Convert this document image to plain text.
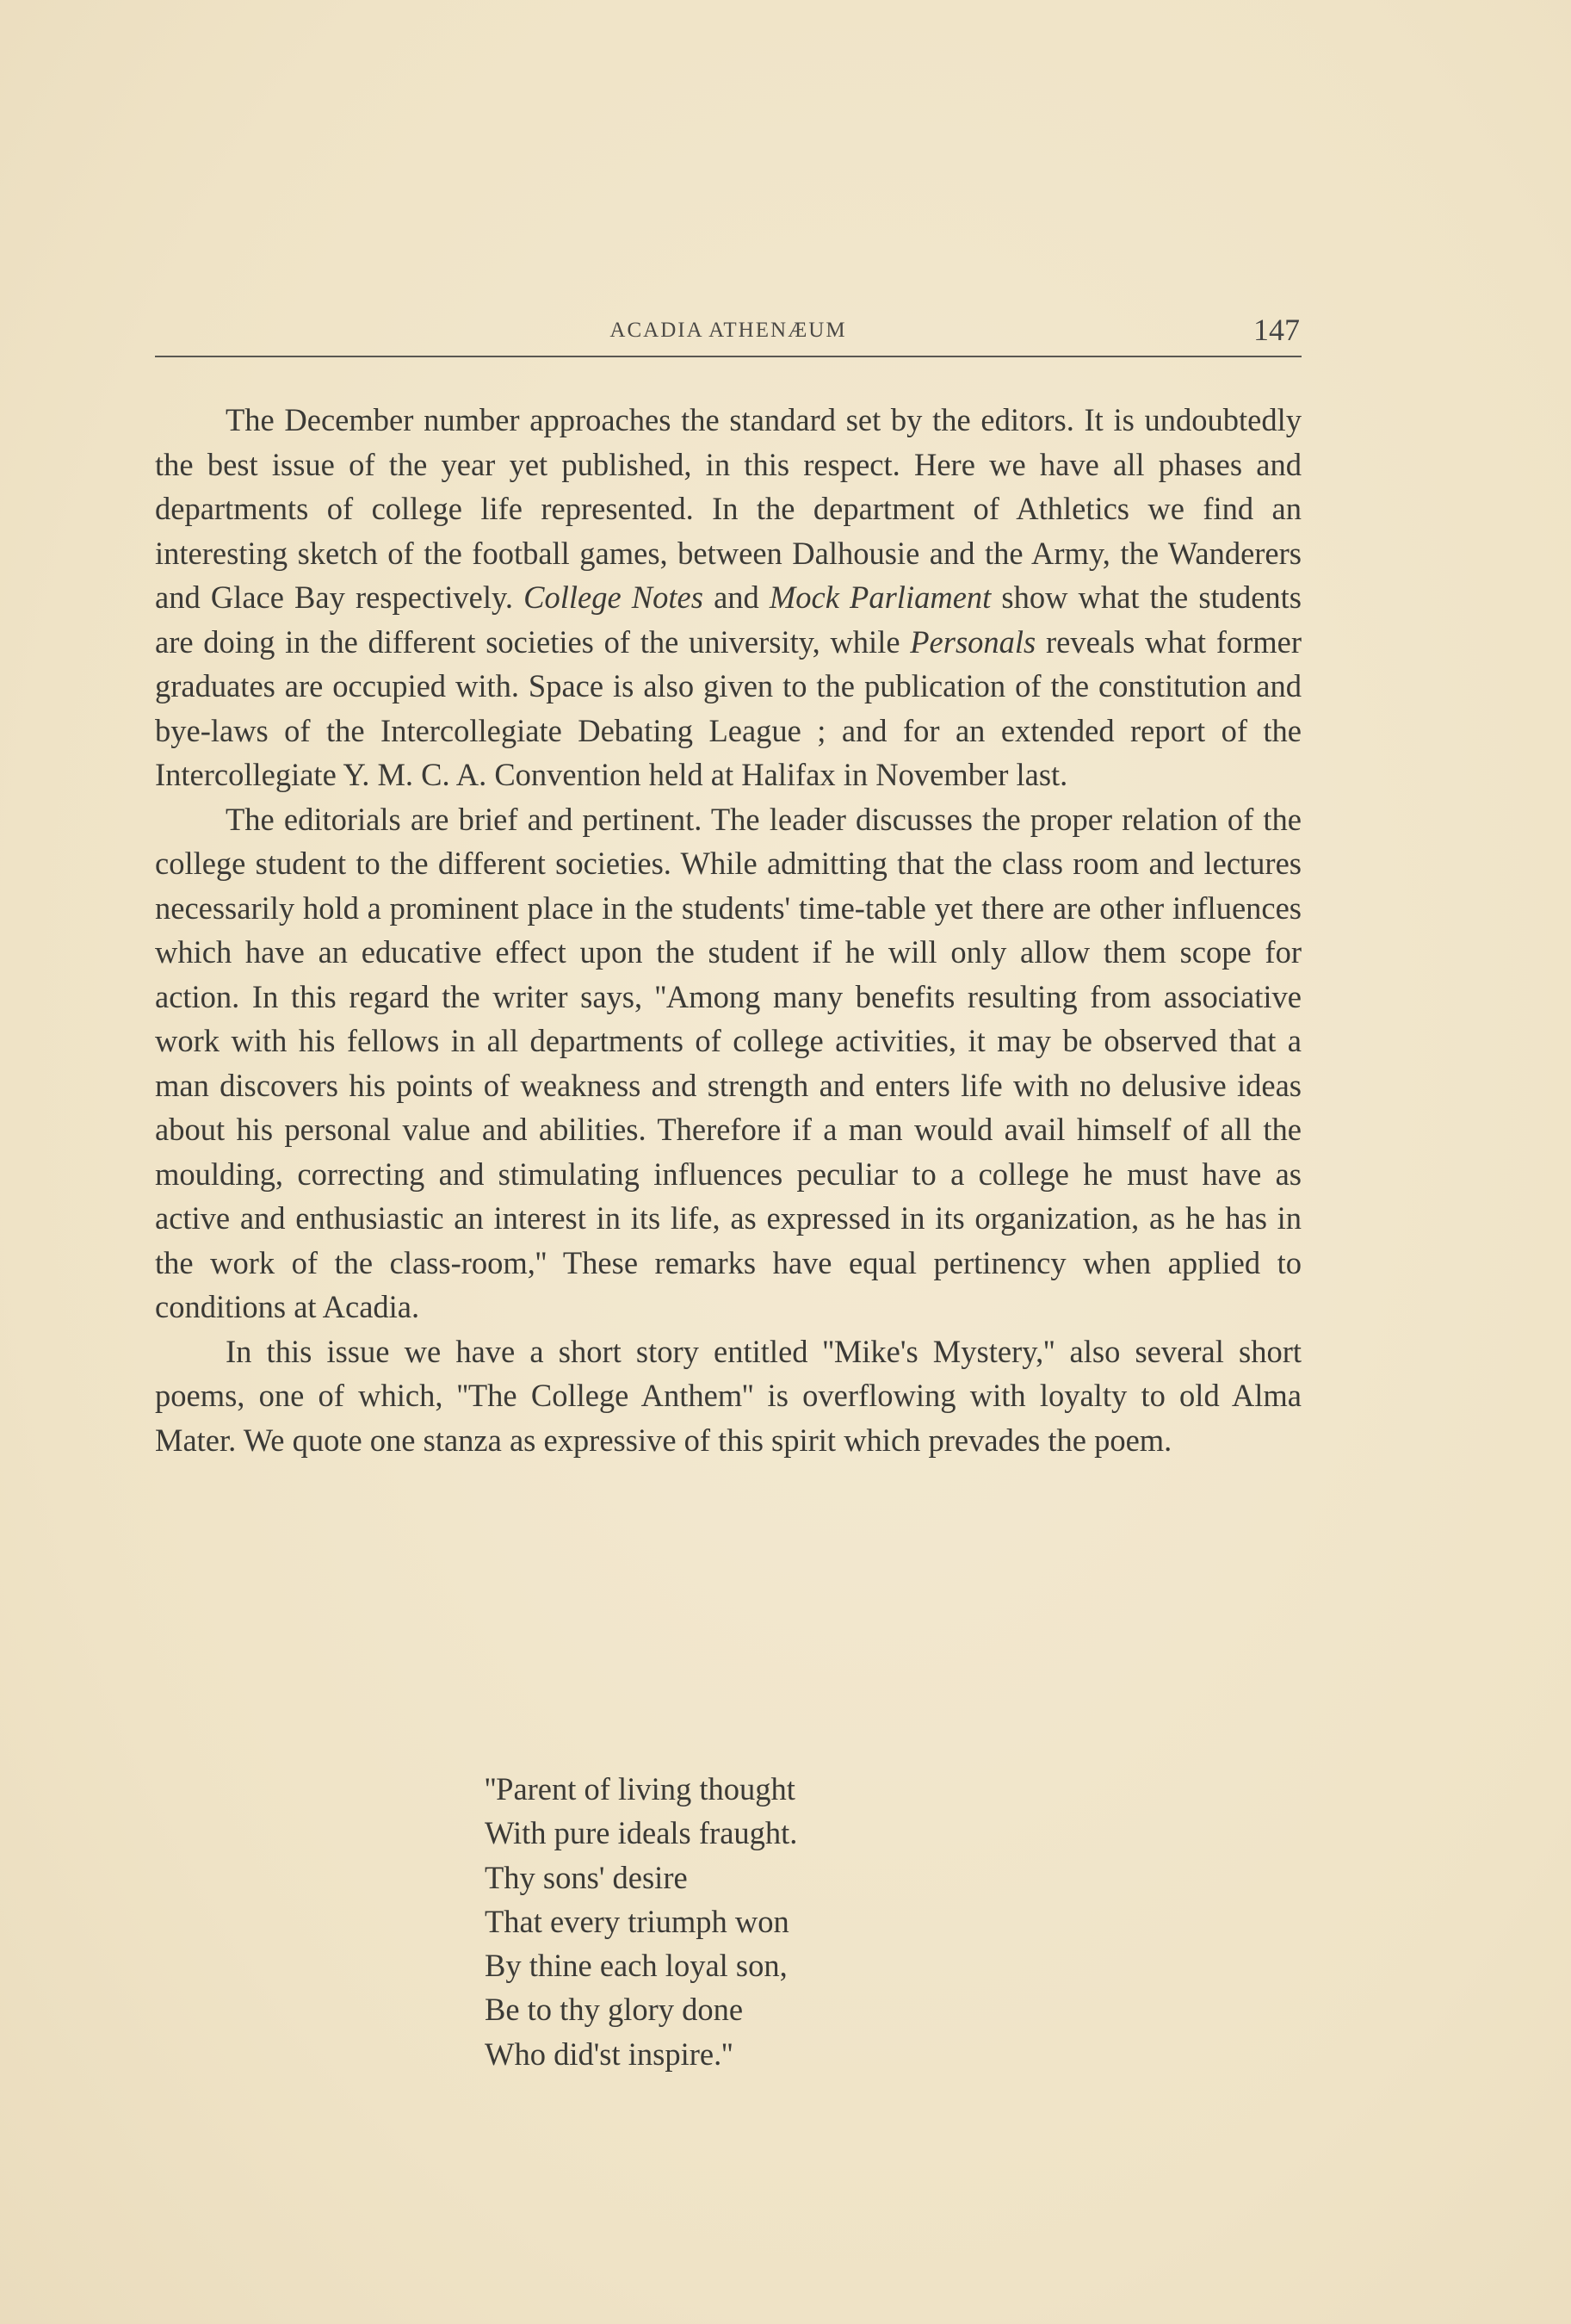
ACADIA ATHENÆUM	147

The December number approaches the standard set by the editors. It is undoubtedly the best issue of the year yet published, in this respect. Here we have all phases and departments of college life represented. In the department of Athletics we find an interesting sketch of the football games, between Dalhousie and the Army, the Wanderers and Glace Bay respectively. College Notes and Mock Parliament show what the students are doing in the different societies of the university, while Personals reveals what former graduates are occupied with. Space is also given to the publication of the constitution and bye-laws of the Intercollegiate Debating League ; and for an extended report of the Intercollegiate Y. M. C. A. Convention held at Halifax in November last.

The editorials are brief and pertinent. The leader discusses the proper relation of the college student to the different societies. While admitting that the class room and lectures necessarily hold a prominent place in the students' time-table yet there are other influences which have an educative effect upon the student if he will only allow them scope for action. In this regard the writer says, ''Among many benefits resulting from associative work with his fellows in all departments of college activities, it may be observed that a man discovers his points of weakness and strength and enters life with no delusive ideas about his personal value and abilities. Therefore if a man would avail himself of all the moulding, correcting and stimulating influences peculiar to a college he must have as active and enthusiastic an interest in its life, as expressed in its organization, as he has in the work of the class-room,'' These remarks have equal pertinency when applied to conditions at Acadia.

In this issue we have a short story entitled ''Mike's Mystery,'' also several short poems, one of which, ''The College Anthem'' is overflowing with loyalty to old Alma Mater. We quote one stanza as expressive of this spirit which prevades the poem.

''Parent of living thought
With pure ideals fraught.
Thy sons' desire
That every triumph won
By thine each loyal son,
Be to thy glory done
Who did'st inspire.''
